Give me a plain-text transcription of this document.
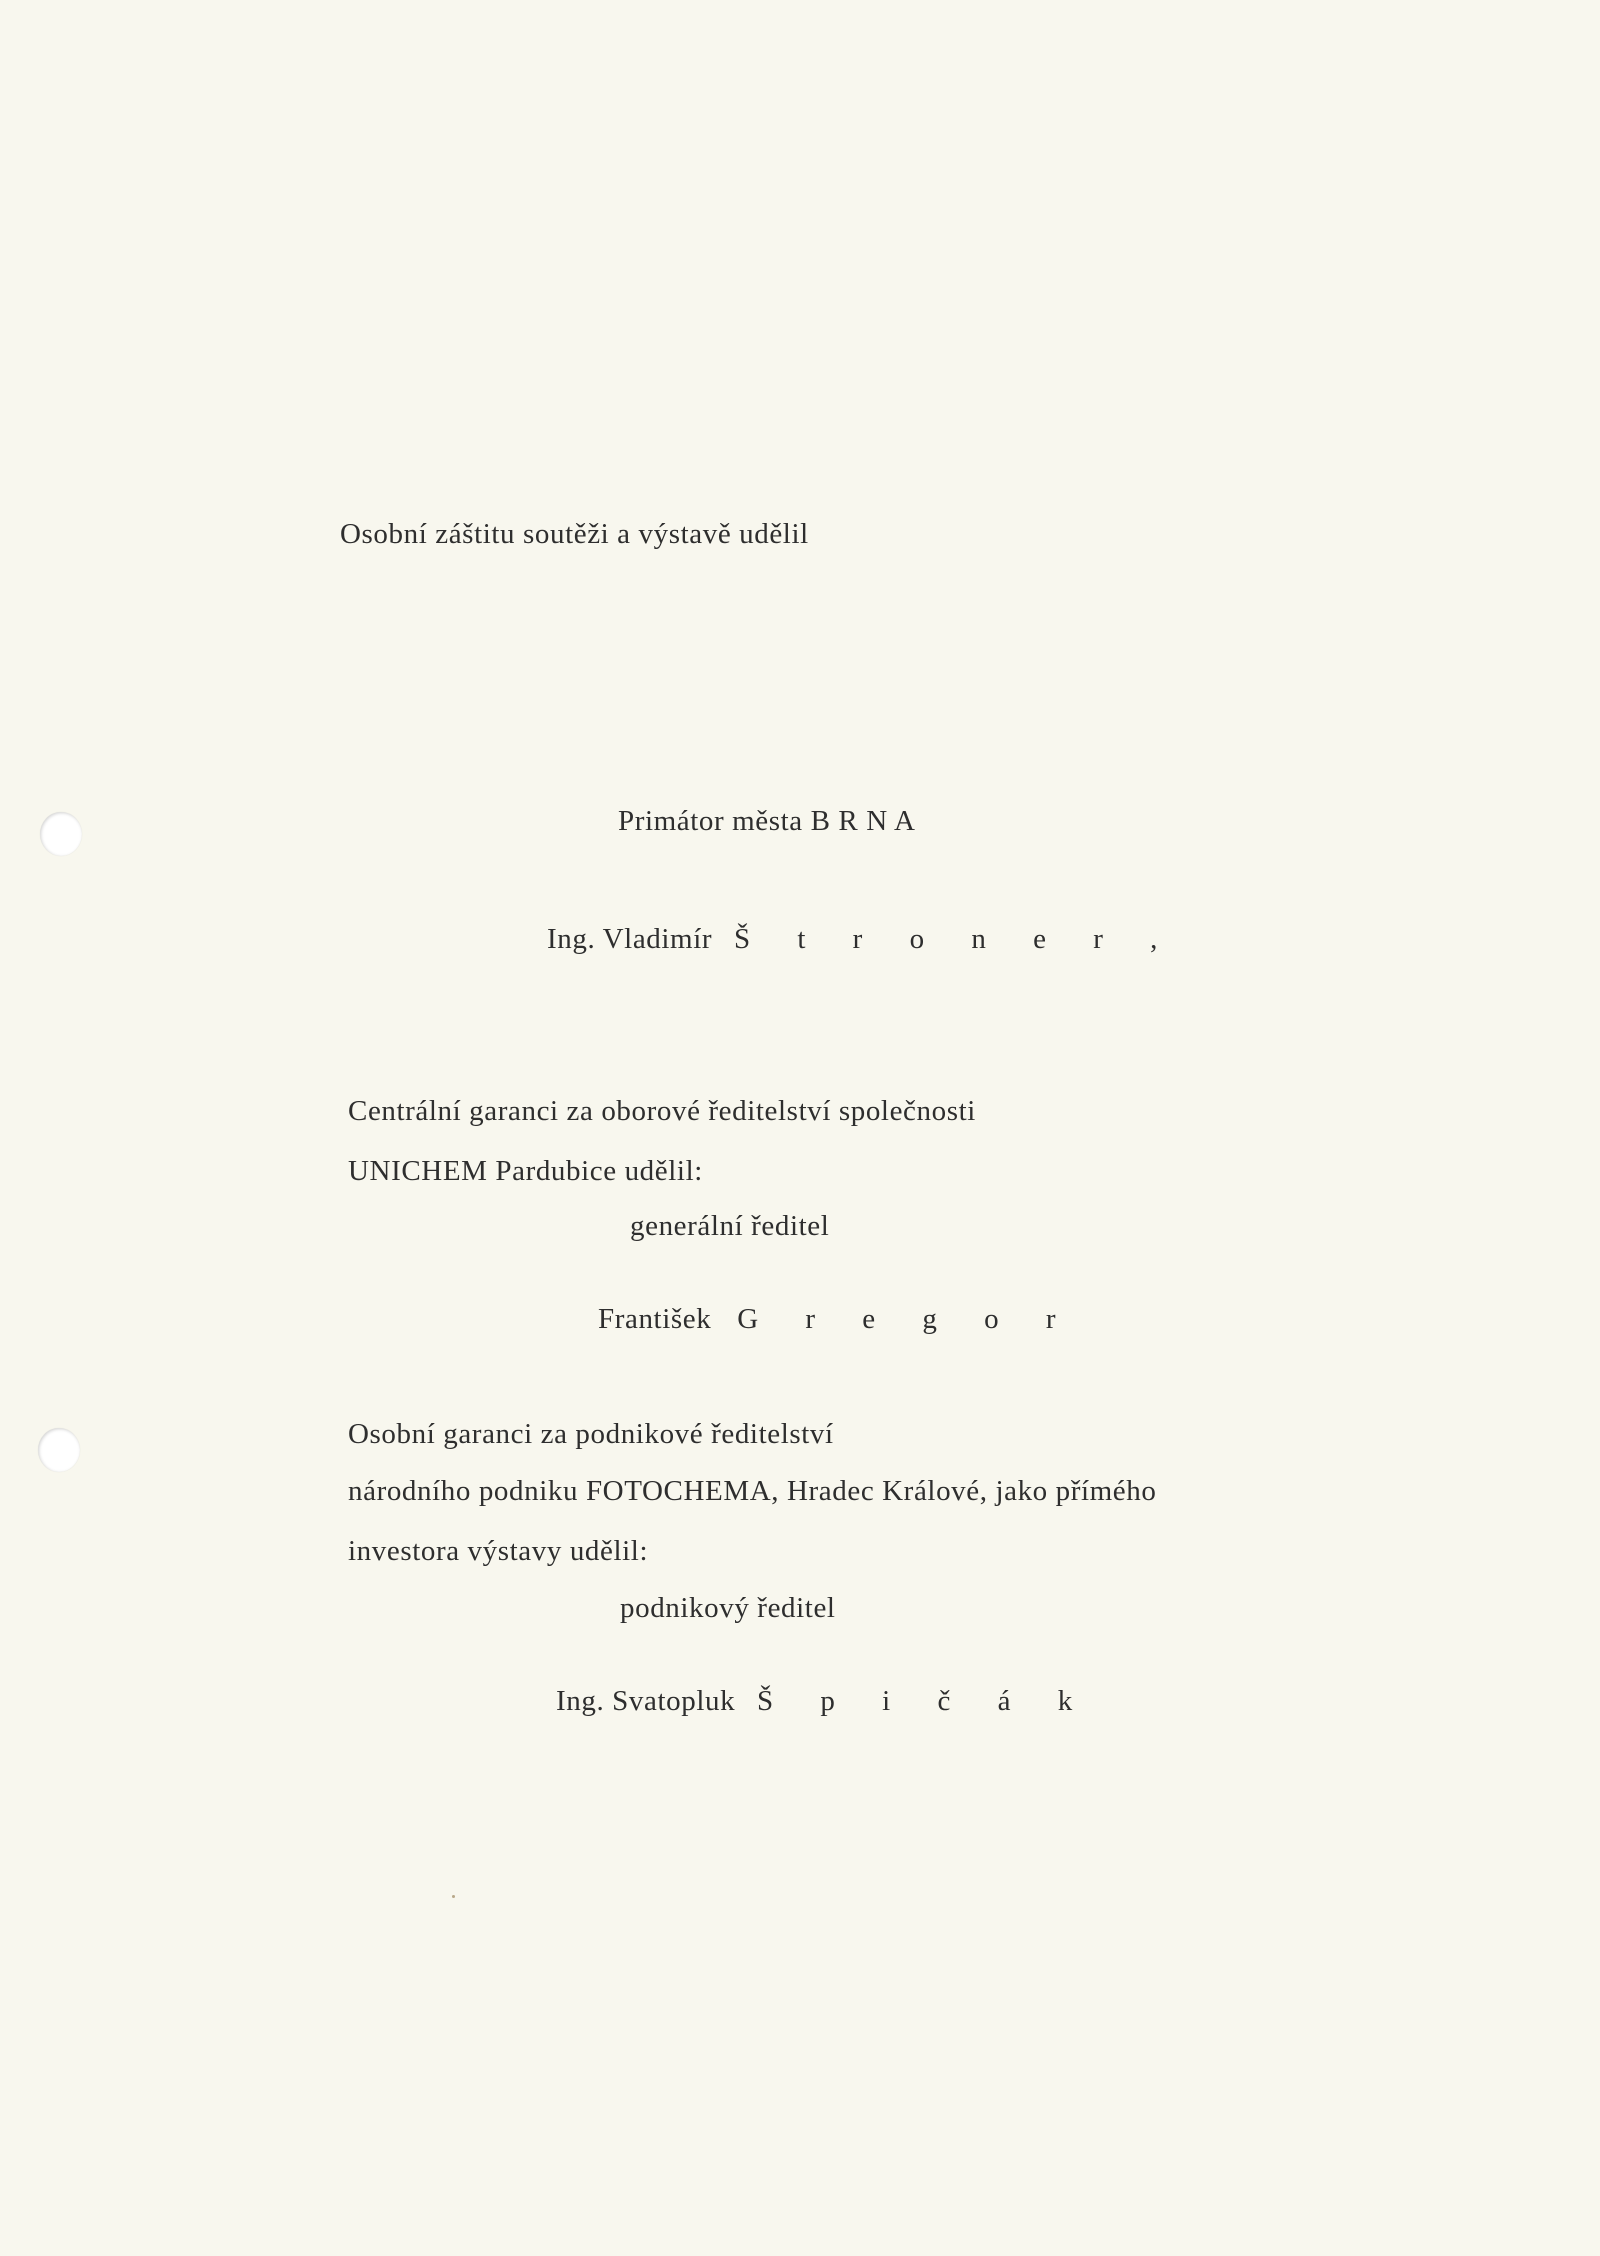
Osobní záštitu soutěži a výstavě udělil
Primátor města B R N A
Ing. Vladimír Š t r o n e r ,
Centrální garanci za oborové ředitelství společnosti
UNICHEM Pardubice udělil:
generální ředitel
František G r e g o r
Osobní garanci za podnikové ředitelství
národního podniku FOTOCHEMA, Hradec Králové, jako přímého
investora výstavy udělil:
podnikový ředitel
Ing. Svatopluk Š p i č á k
